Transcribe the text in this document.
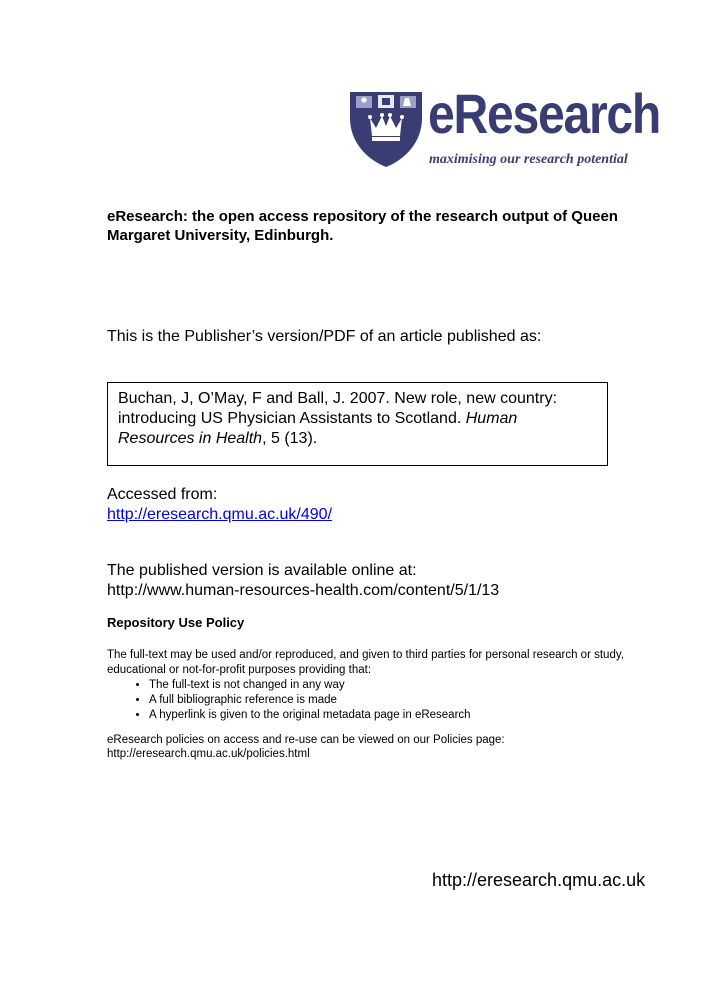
eResearch
maximising our research potential
eResearch: the open access repository of the research output of Queen Margaret University, Edinburgh.
This is the Publisher’s version/PDF of an article published as:
Buchan, J, O’May, F and Ball, J. 2007. New role, new country: introducing US Physician Assistants to Scotland. Human Resources in Health, 5 (13).
Accessed from:
http://eresearch.qmu.ac.uk/490/
The published version is available online at:
http://www.human-resources-health.com/content/5/1/13
Repository Use Policy
The full-text may be used and/or reproduced, and given to third parties for personal research or study, educational or not-for-profit purposes providing that:
• The full-text is not changed in any way
• A full bibliographic reference is made
• A hyperlink is given to the original metadata page in eResearch
eResearch policies on access and re-use can be viewed on our Policies page:
http://eresearch.qmu.ac.uk/policies.html
http://eresearch.qmu.ac.uk
